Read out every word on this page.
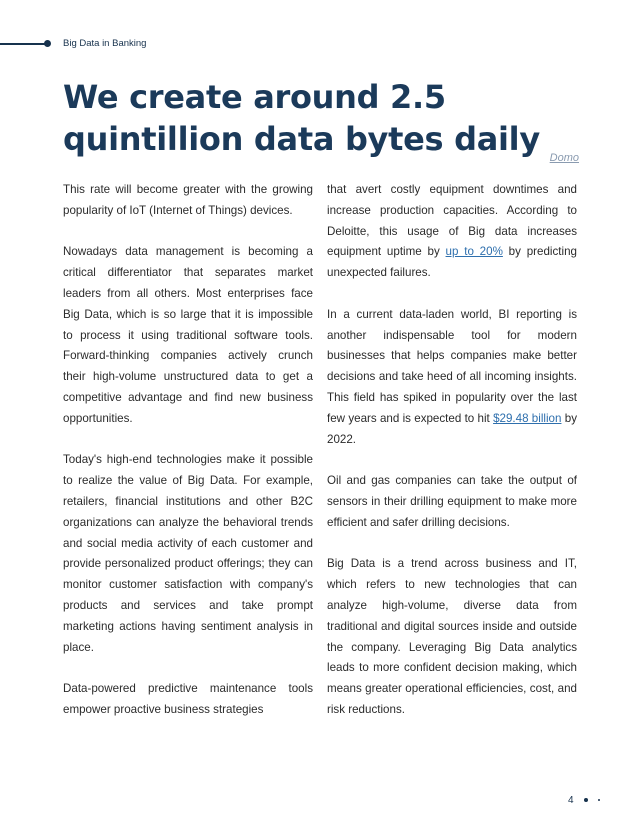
Big Data in Banking
We create around 2.5 quintillion data bytes daily Domo

This rate will become greater with the growing popularity of IoT (Internet of Things) devices.

Nowadays data management is becoming a critical differentiator that separates market leaders from all others. Most enterprises face Big Data, which is so large that it is impossible to process it using traditional software tools. Forward-thinking companies actively crunch their high-volume unstructured data to get a competitive advantage and find new business opportunities.

Today's high-end technologies make it possible to realize the value of Big Data. For example, retailers, financial institutions and other B2C organizations can analyze the behavioral trends and social media activity of each customer and provide personalized product offerings; they can monitor customer satisfaction with company's products and services and take prompt marketing actions having sentiment analysis in place.

Data-powered predictive maintenance tools empower proactive business strategies

that avert costly equipment downtimes and increase production capacities. According to Deloitte, this usage of Big data increases equipment uptime by up to 20% by predicting unexpected failures.

In a current data-laden world, BI reporting is another indispensable tool for modern businesses that helps companies make better decisions and take heed of all incoming insights. This field has spiked in popularity over the last few years and is expected to hit $29.48 billion by 2022.

Oil and gas companies can take the output of sensors in their drilling equipment to make more efficient and safer drilling decisions.

Big Data is a trend across business and IT, which refers to new technologies that can analyze high-volume, diverse data from traditional and digital sources inside and outside the company. Leveraging Big Data analytics leads to more confident decision making, which means greater operational efficiencies, cost, and risk reductions.

4
